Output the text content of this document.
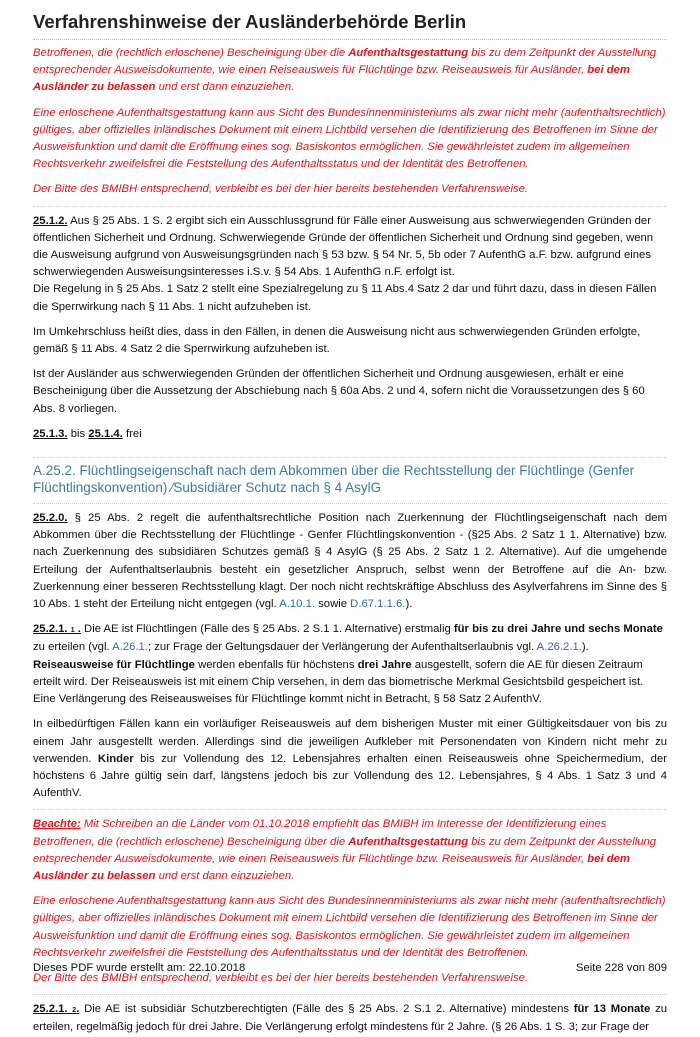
Verfahrenshinweise der Ausländerbehörde Berlin

Betroffenen, die (rechtlich erloschene) Bescheinigung über die Aufenthaltsgestattung bis zu dem Zeitpunkt der Ausstellung entsprechender Ausweisdokumente, wie einen Reiseausweis für Flüchtlinge bzw. Reiseausweis für Ausländer, bei dem Ausländer zu belassen und erst dann einzuziehen.

Eine erloschene Aufenthaltsgestattung kann aus Sicht des Bundesinnenministeriums als zwar nicht mehr (aufenthaltsrechtlich) gültiges, aber offizielles inländisches Dokument mit einem Lichtbild versehen die Identifizierung des Betroffenen im Sinne der Ausweisfunktion und damit die Eröffnung eines sog. Basiskontos ermöglichen. Sie gewährleistet zudem im allgemeinen Rechtsverkehr zweifelsfrei die Feststellung des Aufenthaltsstatus und der Identität des Betroffenen.

Der Bitte des BMIBH entsprechend, verbleibt es bei der hier bereits bestehenden Verfahrensweise.

25.1.2. Aus § 25 Abs. 1 S. 2 ergibt sich ein Ausschlussgrund für Fälle einer Ausweisung aus schwerwiegenden Gründen der öffentlichen Sicherheit und Ordnung. Schwerwiegende Gründe der öffentlichen Sicherheit und Ordnung sind gegeben, wenn die Ausweisung aufgrund von Ausweisungsgründen nach § 53 bzw. § 54 Nr. 5, 5b oder 7 AufenthG a.F. bzw. aufgrund eines schwerwiegenden Ausweisungsinteresses i.S.v. § 54 Abs. 1 AufenthG n.F. erfolgt ist.

Die Regelung in § 25 Abs. 1 Satz 2 stellt eine Spezialregelung zu § 11 Abs.4 Satz 2 dar und führt dazu, dass in diesen Fällen die Sperrwirkung nach § 11 Abs. 1 nicht aufzuheben ist.

Im Umkehrschluss heißt dies, dass in den Fällen, in denen die Ausweisung nicht aus schwerwiegenden Gründen erfolgte, gemäß § 11 Abs. 4 Satz 2 die Sperrwirkung aufzuheben ist.

Ist der Ausländer aus schwerwiegenden Gründen der öffentlichen Sicherheit und Ordnung ausgewiesen, erhält er eine Bescheinigung über die Aussetzung der Abschiebung nach § 60a Abs. 2 und 4, sofern nicht die Voraussetzungen des § 60 Abs. 8 vorliegen.

25.1.3. bis 25.1.4. frei

A.25.2. Flüchtlingseigenschaft nach dem Abkommen über die Rechtsstellung der Flüchtlinge (Genfer
Flüchtlingskonvention) ⁄Subsidiärer Schutz nach § 4 AsylG

25.2.0. § 25 Abs. 2 regelt die aufenthaltsrechtliche Position nach Zuerkennung der Flüchtlingseigenschaft nach dem Abkommen über die Rechtsstellung der Flüchtlinge - Genfer Flüchtlingskonvention - (§25 Abs. 2 Satz 1 1. Alternative) bzw. nach Zuerkennung des subsidiären Schutzes gemäß § 4 AsylG (§ 25 Abs. 2 Satz 1 2. Alternative). Auf die umgehende Erteilung der Aufenthaltserlaubnis besteht ein gesetzlicher Anspruch, selbst wenn der Betroffene auf die An- bzw. Zuerkennung einer besseren Rechtsstellung klagt. Der noch nicht rechtskräftige Abschluss des Asylverfahrens im Sinne des § 10 Abs. 1 steht der Erteilung nicht entgegen (vgl. A.10.1. sowie D.67.1.1.6.).

25.2.1. 1 . Die AE ist Flüchtlingen (Fälle des § 25 Abs. 2 S.1 1. Alternative) erstmalig für bis zu drei Jahre und sechs Monate zu erteilen (vgl. A.26.1.; zur Frage der Geltungsdauer der Verlängerung der Aufenthaltserlaubnis vgl. A.26.2.1.). Reiseausweise für Flüchtlinge werden ebenfalls für höchstens drei Jahre ausgestellt, sofern die AE für diesen Zeitraum erteilt wird. Der Reiseausweis ist mit einem Chip versehen, in dem das biometrische Merkmal Gesichtsbild gespeichert ist. Eine Verlängerung des Reiseausweises für Flüchtlinge kommt nicht in Betracht, § 58 Satz 2 AufenthV.

In eilbedürftigen Fällen kann ein vorläufiger Reiseausweis auf dem bisherigen Muster mit einer Gültigkeitsdauer von bis zu einem Jahr ausgestellt werden. Allerdings sind die jeweiligen Aufkleber mit Personendaten von Kindern nicht mehr zu verwenden. Kinder bis zur Vollendung des 12. Lebensjahres erhalten einen Reiseausweis ohne Speichermedium, der höchstens 6 Jahre gültig sein darf, längstens jedoch bis zur Vollendung des 12. Lebensjahres, § 4 Abs. 1 Satz 3 und 4 AufenthV.

Beachte: Mit Schreiben an die Länder vom 01.10.2018 empfiehlt das BMIBH im Interesse der Identifizierung eines Betroffenen, die (rechtlich erloschene) Bescheinigung über die Aufenthaltsgestattung bis zu dem Zeitpunkt der Ausstellung entsprechender Ausweisdokumente, wie einen Reiseausweis für Flüchtlinge bzw. Reiseausweis für Ausländer, bei dem Ausländer zu belassen und erst dann einzuziehen.

Eine erloschene Aufenthaltsgestattung kann aus Sicht des Bundesinnenministeriums als zwar nicht mehr (aufenthaltsrechtlich) gültiges, aber offizielles inländisches Dokument mit einem Lichtbild versehen die Identifizierung des Betroffenen im Sinne der Ausweisfunktion und damit die Eröffnung eines sog. Basiskontos ermöglichen. Sie gewährleistet zudem im allgemeinen Rechtsverkehr zweifelsfrei die Feststellung des Aufenthaltsstatus und der Identität des Betroffenen.

Der Bitte des BMIBH entsprechend, verbleibt es bei der hier bereits bestehenden Verfahrensweise.

25.2.1. 2. Die AE ist subsidiär Schutzberechtigten (Fälle des § 25 Abs. 2 S.1 2. Alternative) mindestens für 13 Monate zu erteilen, regelmäßig jedoch für drei Jahre. Die Verlängerung erfolgt mindestens für 2 Jahre. (§ 26 Abs. 1 S. 3; zur Frage der

Dieses PDF wurde erstellt am: 22.10.2018	Seite 228 von 809
